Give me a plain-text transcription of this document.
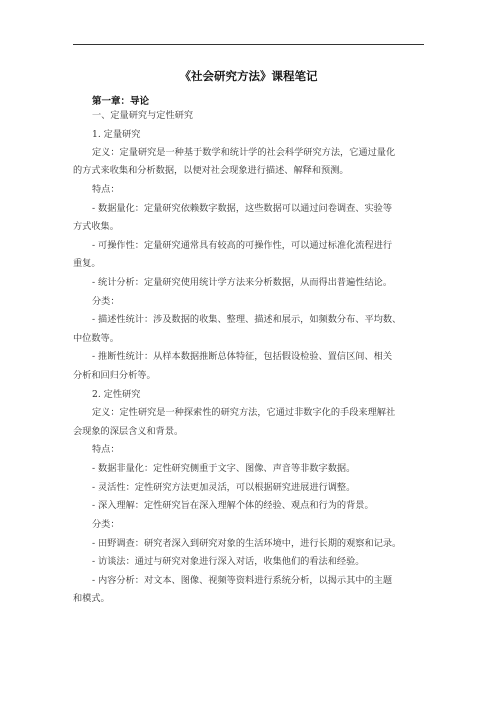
《社会研究方法》课程笔记
第一章：导论
一、定量研究与定性研究
1. 定量研究
定义：定量研究是一种基于数学和统计学的社会科学研究方法，它通过量化
的方式来收集和分析数据，以便对社会现象进行描述、解释和预测。
特点：
- 数据量化：定量研究依赖数字数据，这些数据可以通过问卷调查、实验等
方式收集。
- 可操作性：定量研究通常具有较高的可操作性，可以通过标准化流程进行
重复。
- 统计分析：定量研究使用统计学方法来分析数据，从而得出普遍性结论。
分类：
- 描述性统计：涉及数据的收集、整理、描述和展示，如频数分布、平均数、
中位数等。
- 推断性统计：从样本数据推断总体特征，包括假设检验、置信区间、相关
分析和回归分析等。
2. 定性研究
定义：定性研究是一种探索性的研究方法，它通过非数字化的手段来理解社
会现象的深层含义和背景。
特点：
- 数据非量化：定性研究侧重于文字、图像、声音等非数字数据。
- 灵活性：定性研究方法更加灵活，可以根据研究进展进行调整。
- 深入理解：定性研究旨在深入理解个体的经验、观点和行为的背景。
分类：
- 田野调查：研究者深入到研究对象的生活环境中，进行长期的观察和记录。
- 访谈法：通过与研究对象进行深入对话，收集他们的看法和经验。
- 内容分析：对文本、图像、视频等资料进行系统分析，以揭示其中的主题
和模式。
